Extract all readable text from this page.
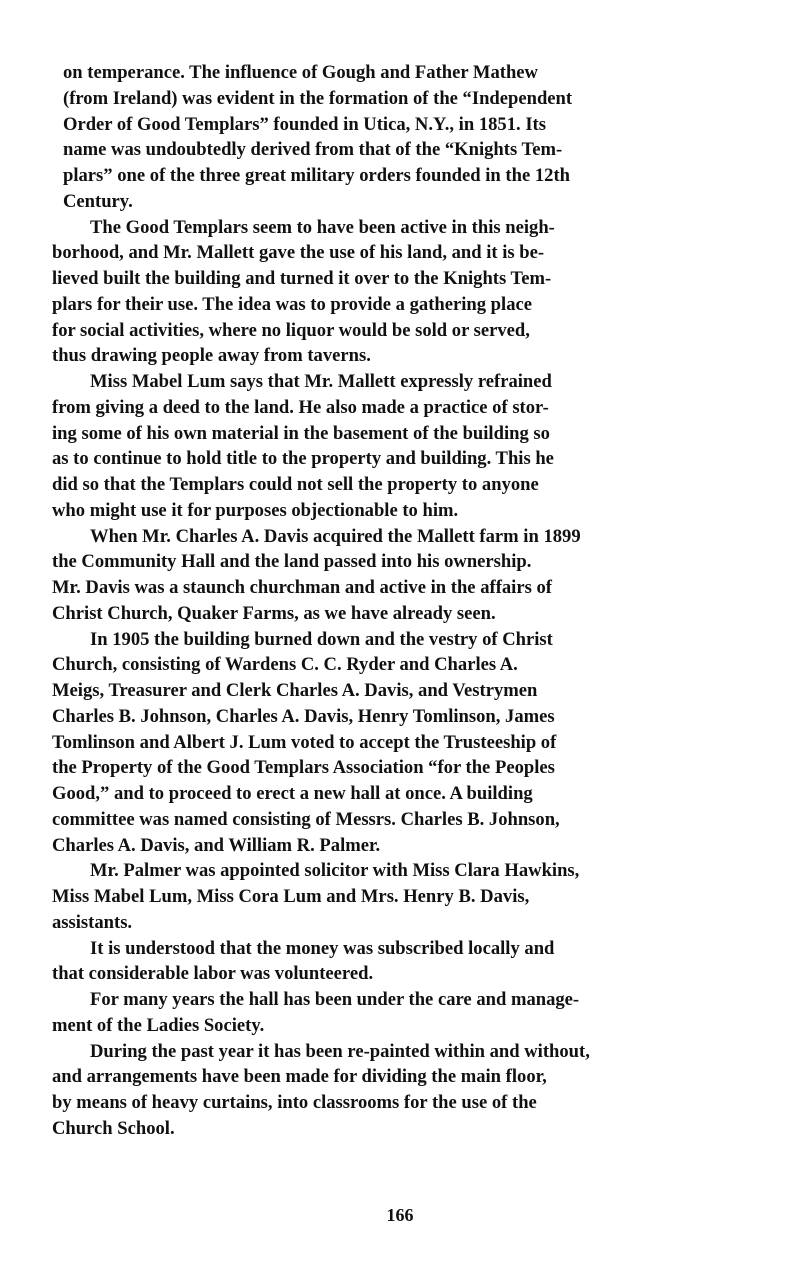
on temperance. The influence of Gough and Father Mathew
(from Ireland) was evident in the formation of the “Independent
Order of Good Templars” founded in Utica, N.Y., in 1851. Its
name was undoubtedly derived from that of the “Knights Tem-
plars” one of the three great military orders founded in the 12th
Century.

The Good Templars seem to have been active in this neigh-
borhood, and Mr. Mallett gave the use of his land, and it is be-
lieved built the building and turned it over to the Knights Tem-
plars for their use. The idea was to provide a gathering place
for social activities, where no liquor would be sold or served,
thus drawing people away from taverns.

Miss Mabel Lum says that Mr. Mallett expressly refrained
from giving a deed to the land. He also made a practice of stor-
ing some of his own material in the basement of the building so
as to continue to hold title to the property and building. This he
did so that the Templars could not sell the property to anyone
who might use it for purposes objectionable to him.

When Mr. Charles A. Davis acquired the Mallett farm in 1899
the Community Hall and the land passed into his ownership.
Mr. Davis was a staunch churchman and active in the affairs of
Christ Church, Quaker Farms, as we have already seen.

In 1905 the building burned down and the vestry of Christ
Church, consisting of Wardens C. C. Ryder and Charles A.
Meigs, Treasurer and Clerk Charles A. Davis, and Vestrymen
Charles B. Johnson, Charles A. Davis, Henry Tomlinson, James
Tomlinson and Albert J. Lum voted to accept the Trusteeship of
the Property of the Good Templars Association “for the Peoples
Good,” and to proceed to erect a new hall at once. A building
committee was named consisting of Messrs. Charles B. Johnson,
Charles A. Davis, and William R. Palmer.

Mr. Palmer was appointed solicitor with Miss Clara Hawkins,
Miss Mabel Lum, Miss Cora Lum and Mrs. Henry B. Davis,
assistants.

It is understood that the money was subscribed locally and
that considerable labor was volunteered.

For many years the hall has been under the care and manage-
ment of the Ladies Society.

During the past year it has been re-painted within and without,
and arrangements have been made for dividing the main floor,
by means of heavy curtains, into classrooms for the use of the
Church School.

166
